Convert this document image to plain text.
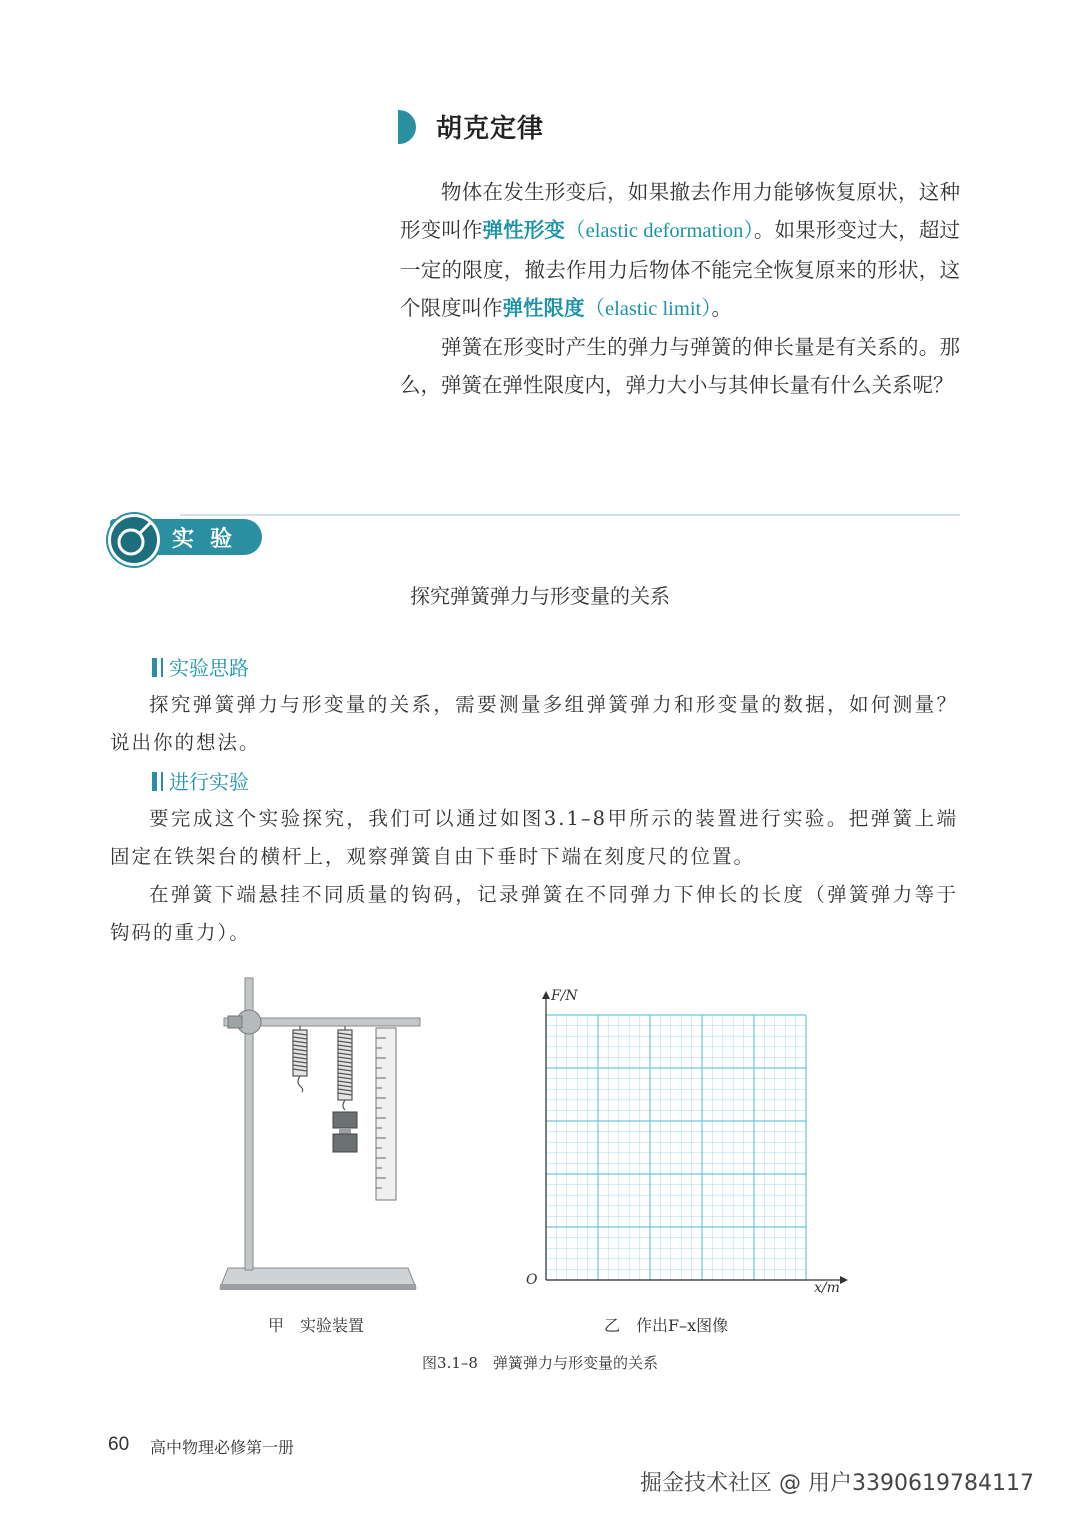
胡克定律

物体在发生形变后，如果撤去作用力能够恢复原状，这种形变叫作弹性形变（elastic deformation）。如果形变过大，超过一定的限度，撤去作用力后物体不能完全恢复原来的形状，这个限度叫作弹性限度（elastic limit）。

弹簧在形变时产生的弹力与弹簧的伸长量是有关系的。那么，弹簧在弹性限度内，弹力大小与其伸长量有什么关系呢？

实验
探究弹簧弹力与形变量的关系
实验思路

探究弹簧弹力与形变量的关系，需要测量多组弹簧弹力和形变量的数据，如何测量？说出你的想法。

进行实验

要完成这个实验探究，我们可以通过如图3.1–8甲所示的装置进行实验。把弹簧上端固定在铁架台的横杆上，观察弹簧自由下垂时下端在刻度尺的位置。

在弹簧下端悬挂不同质量的钩码，记录弹簧在不同弹力下伸长的长度（弹簧弹力等于钩码的重力）。

F/N
x/m
O
甲　实验装置	乙　作出F–x图像
图3.1–8　弹簧弹力与形变量的关系
60 高中物理必修第一册
掘金技术社区 @ 用户3390619784117
